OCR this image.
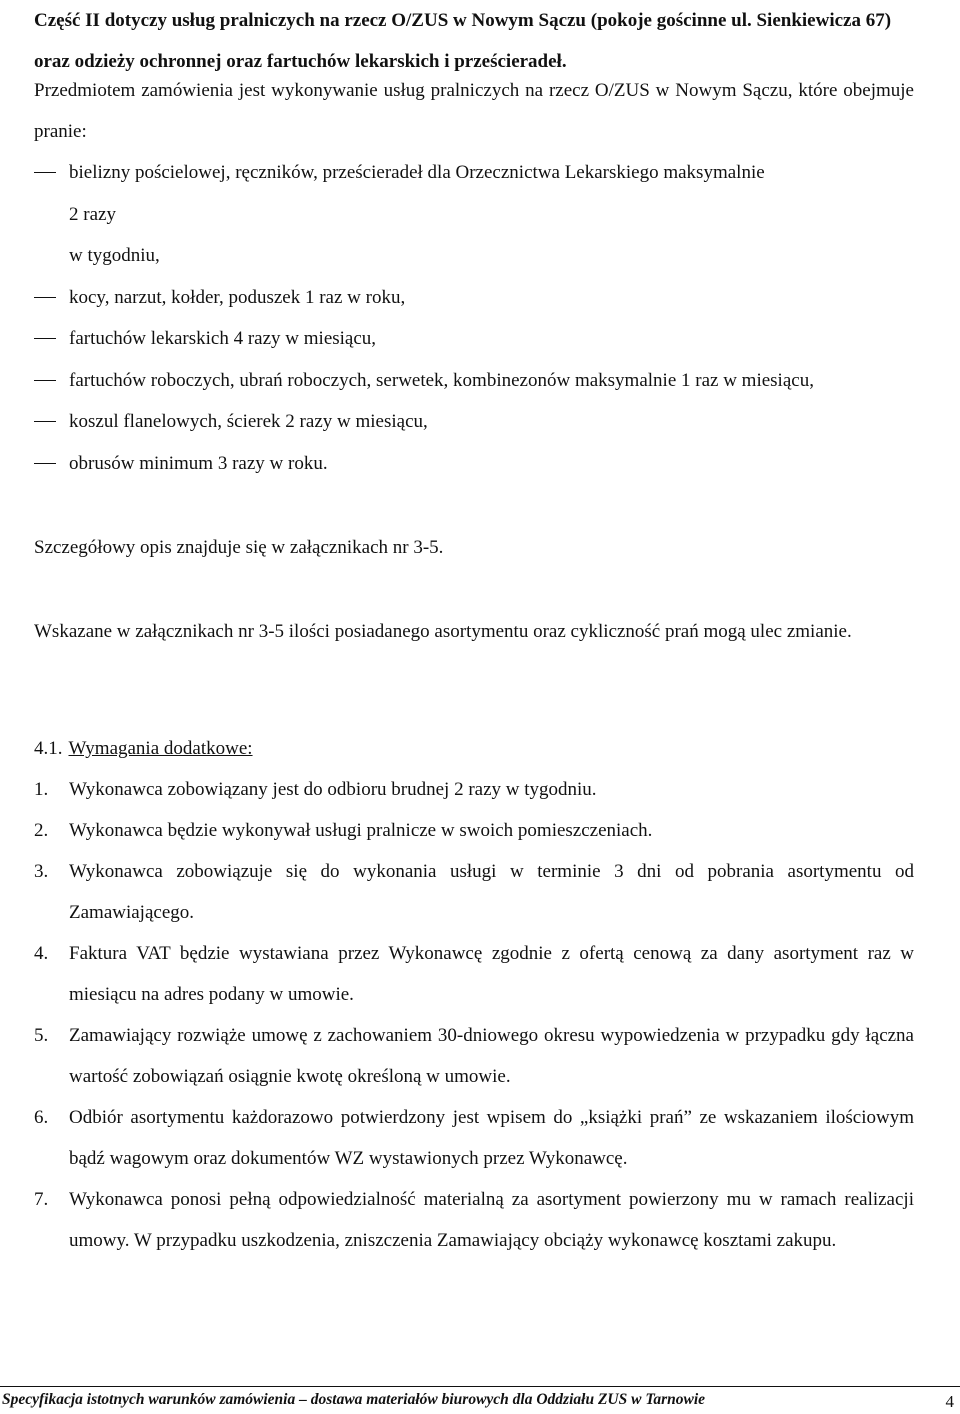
Część II dotyczy usług pralniczych na rzecz O/ZUS w Nowym Sączu (pokoje gościnne ul. Sienkiewicza 67) oraz odzieży ochronnej oraz fartuchów lekarskich i prześcieradeł.

Przedmiotem zamówienia jest wykonywanie usług pralniczych na rzecz O/ZUS w Nowym Sączu, które obejmuje pranie:

bielizny pościelowej, ręczników, prześcieradeł dla Orzecznictwa Lekarskiego maksymalnie
2 razy
w tygodniu,
kocy, narzut, kołder, poduszek 1 raz w roku,
fartuchów lekarskich 4 razy w miesiącu,
fartuchów roboczych, ubrań roboczych, serwetek, kombinezonów maksymalnie 1 raz w miesiącu,
koszul flanelowych, ścierek 2 razy w miesiącu,
obrusów minimum 3 razy w roku.

Szczegółowy opis znajduje się w załącznikach nr 3-5.

Wskazane w załącznikach nr 3-5 ilości posiadanego asortymentu oraz cykliczność prań mogą ulec zmianie.

4.1. Wymagania dodatkowe:

1. Wykonawca zobowiązany jest do odbioru brudnej 2 razy w tygodniu.
2. Wykonawca będzie wykonywał usługi pralnicze w swoich pomieszczeniach.
3. Wykonawca zobowiązuje się do wykonania usługi w terminie 3 dni od pobrania asortymentu od Zamawiającego.
4. Faktura VAT będzie wystawiana przez Wykonawcę zgodnie z ofertą cenową za dany asortyment raz w miesiącu na adres podany w umowie.
5. Zamawiający rozwiąże umowę z zachowaniem 30-dniowego okresu wypowiedzenia w przypadku gdy łączna wartość zobowiązań osiągnie kwotę określoną w umowie.
6. Odbiór asortymentu każdorazowo potwierdzony jest wpisem do „książki prań” ze wskazaniem ilościowym bądź wagowym oraz dokumentów WZ wystawionych przez Wykonawcę.
7. Wykonawca ponosi pełną odpowiedzialność materialną za asortyment powierzony mu w ramach realizacji umowy. W przypadku uszkodzenia, zniszczenia Zamawiający obciąży wykonawcę kosztami zakupu.
Specyfikacja istotnych warunków zamówienia – dostawa materiałów biurowych dla Oddziału ZUS w Tarnowie	4
